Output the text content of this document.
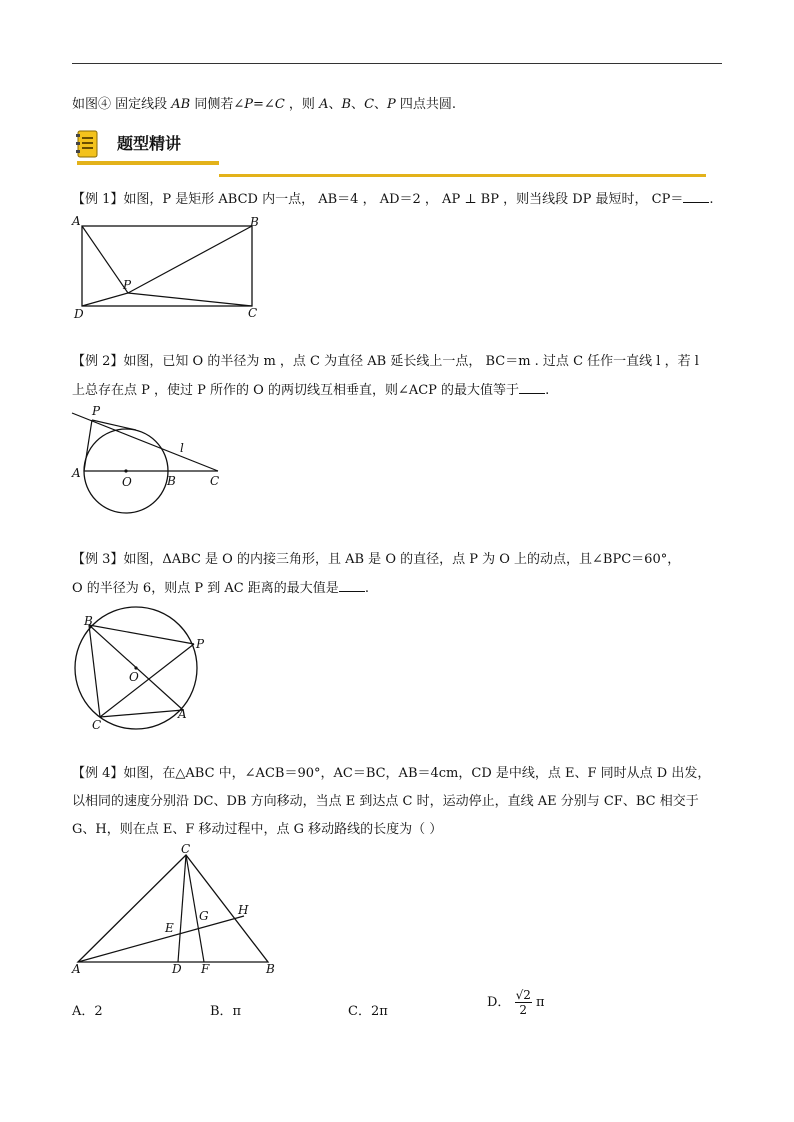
如图④ 固定线段 AB 同侧若∠P=∠C ，则 A、B、C、P 四点共圆.
题型精讲
【例 1】如图，P 是矩形 ABCD 内一点， AB＝4 ， AD＝2 ， AP ⊥ BP ，则当线段 DP 最短时， CP＝ .
A	B
C
D
P
【例 2】如图，已知 O 的半径为 m ，点 C 为直径 AB 延长线上一点， BC＝m . 过点 C 任作一直线 l ，若 l
上总存在点 P ，使过 P 所作的 O 的两切线互相垂直，则∠ACP 的最大值等于 .
P
l
A
O	B	C
【例 3】如图，ΔABC 是 O 的内接三角形，且 AB 是 O 的直径，点 P 为 O 上的动点，且∠BPC＝60°，
O 的半径为 6，则点 P 到 AC 距离的最大值是 .
B
P
O
C
A
【例 4】如图，在△ABC 中，∠ACB＝90°，AC＝BC，AB＝4cm，CD 是中线，点 E、F 同时从点 D 出发，
以相同的速度分别沿 DC、DB 方向移动，当点 E 到达点 C 时，运动停止，直线 AE 分别与 CF、BC 相交于
G、H，则在点 E、F 移动过程中，点 G 移动路线的长度为（ ）
C
G H
E
A	D F	B
A．2	B．π	C．2π
D． $\frac{√2}{2}$ π
